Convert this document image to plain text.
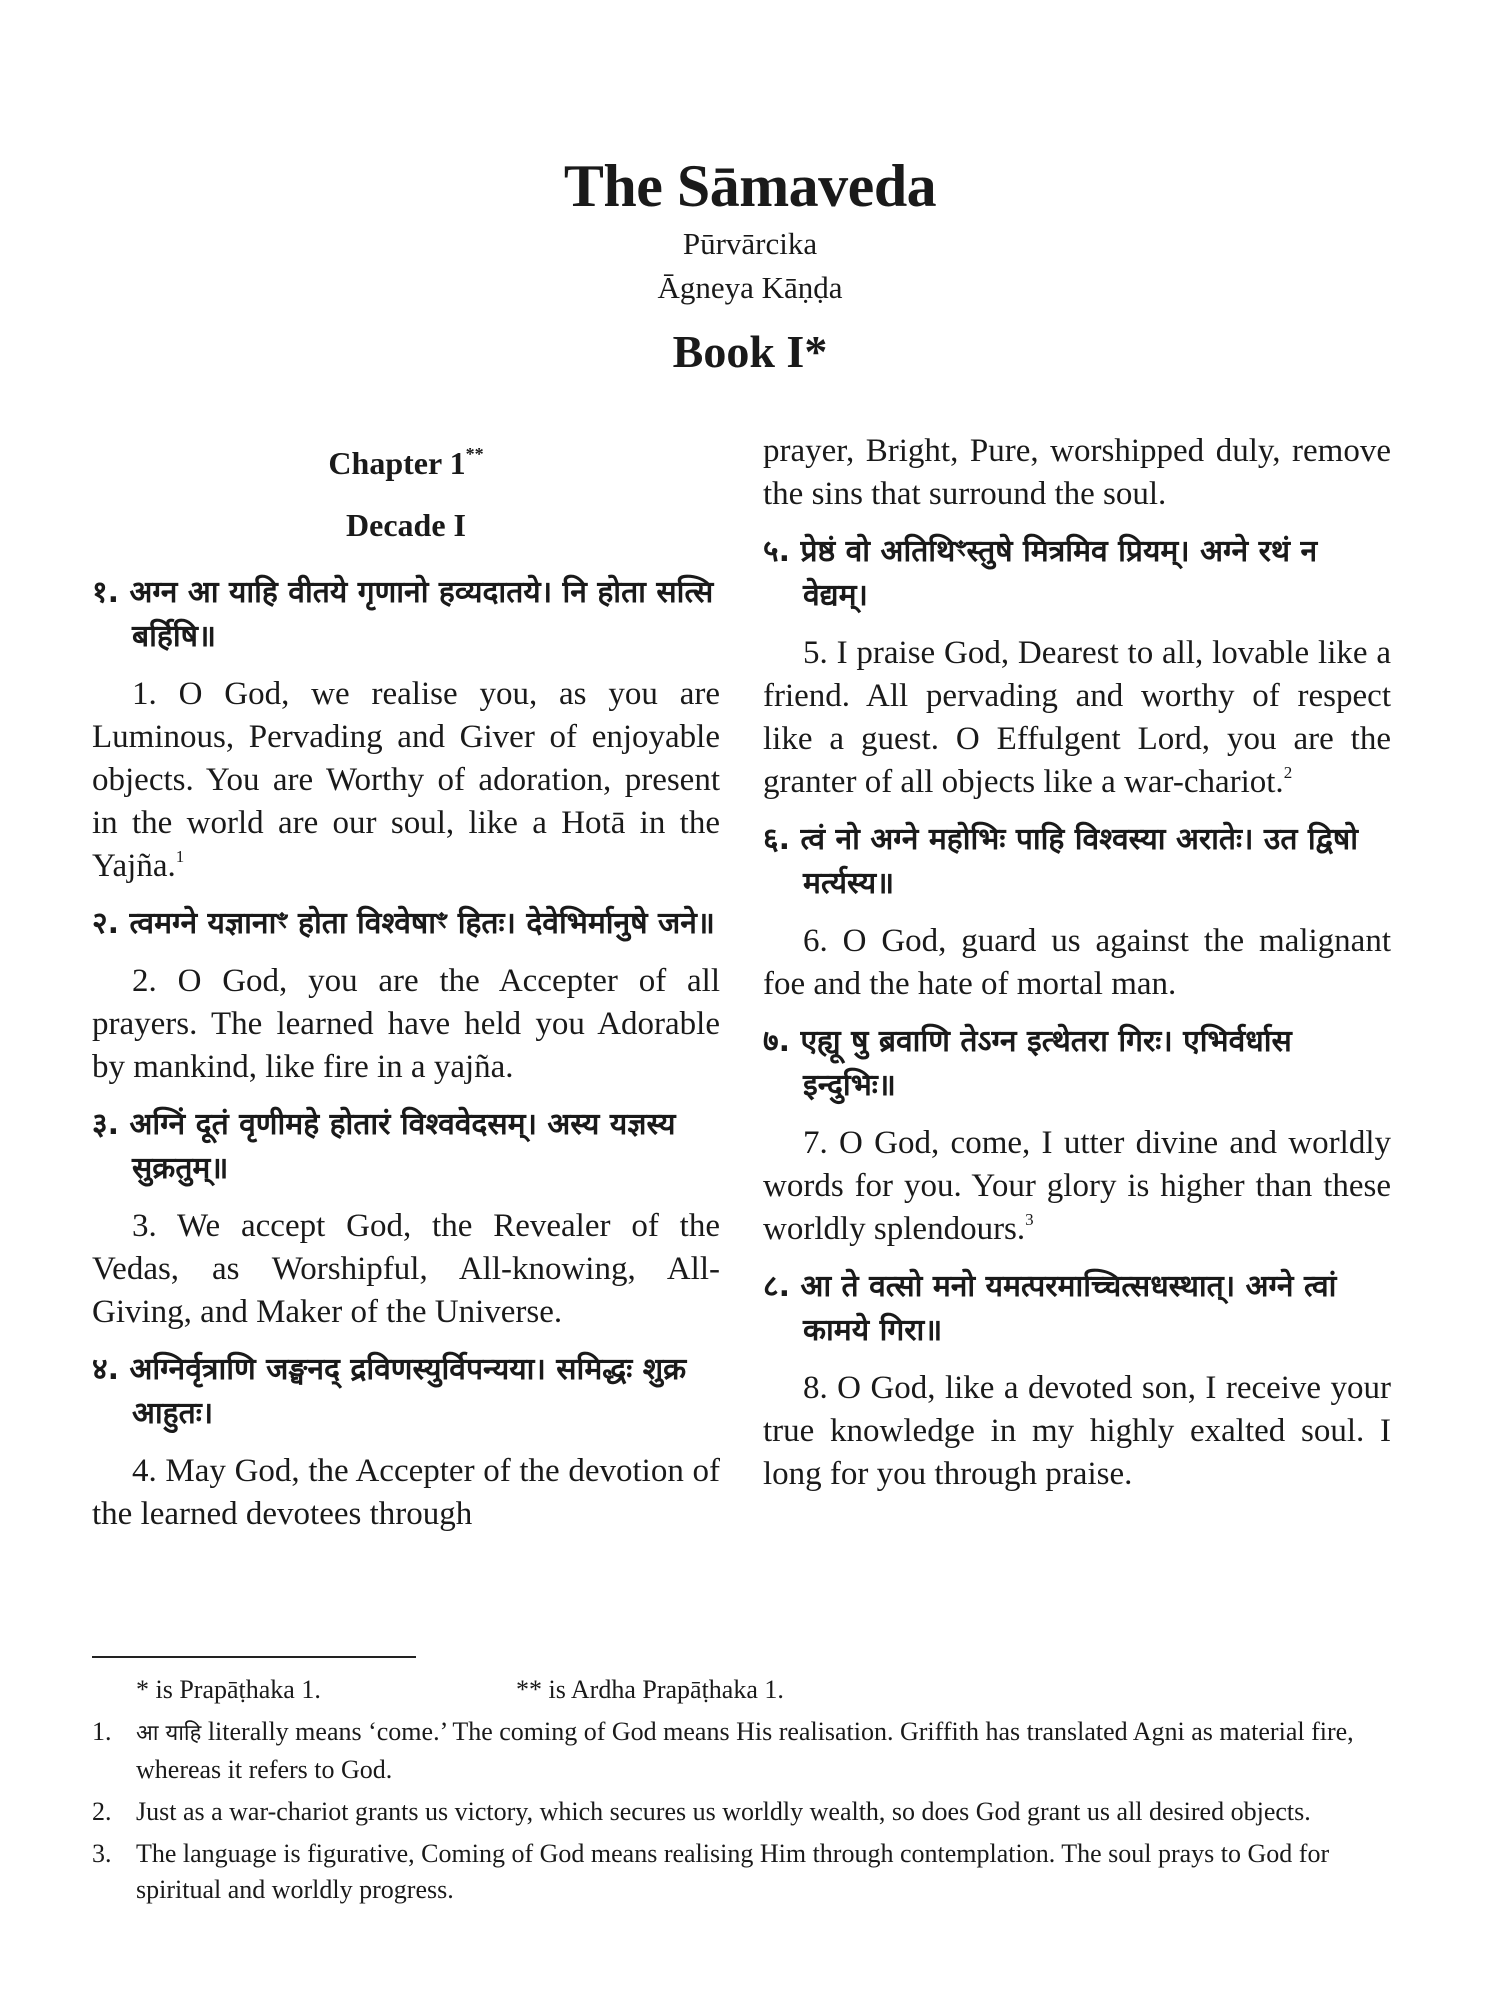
The Sāmaveda
Pūrvārcika
Āgneya Kāṇḍa
Book I*
Chapter 1**
Decade I

१. अग्न आ याहि वीतये गृणानो हव्यदातये। नि होता सत्सि बर्हिषि॥

1. O God, we realise you, as you are Luminous, Pervading and Giver of enjoyable objects. You are Worthy of adoration, present in the world are our soul, like a Hotā in the Yajña.$^1$

२. त्वमग्ने यज्ञानाꣳ होता विश्वेषाꣳ हितः। देवेभिर्मानुषे जने॥

2. O God, you are the Accepter of all prayers. The learned have held you Adorable by mankind, like fire in a yajña.

३. अग्निं दूतं वृणीमहे होतारं विश्ववेदसम्। अस्य यज्ञस्य सुक्रतुम्॥

3. We accept God, the Revealer of the Vedas, as Worshipful, All-knowing, All-Giving, and Maker of the Universe.

४. अग्निर्वृत्राणि जङ्घनद् द्रविणस्युर्विपन्यया। समिद्धः शुक्र आहुतः।

4. May God, the Accepter of the devotion of the learned devotees through

prayer, Bright, Pure, worshipped duly, remove the sins that surround the soul.

५. प्रेष्ठं वो अतिथिꣳस्तुषे मित्रमिव प्रियम्। अग्ने रथं न वेद्यम्।

5. I praise God, Dearest to all, lovable like a friend. All pervading and worthy of respect like a guest. O Effulgent Lord, you are the granter of all objects like a war-chariot.$^2$

६. त्वं नो अग्ने महोभिः पाहि विश्वस्या अरातेः। उत द्विषो मर्त्यस्य॥

6. O God, guard us against the malignant foe and the hate of mortal man.

७. एह्यू षु ब्रवाणि तेऽग्न इत्थेतरा गिरः। एभिर्वर्धास इन्दुभिः॥

7. O God, come, I utter divine and worldly words for you. Your glory is higher than these worldly splendours.$^3$

८. आ ते वत्सो मनो यमत्परमाच्चित्सधस्थात्। अग्ने त्वां कामये गिरा॥

8. O God, like a devoted son, I receive your true knowledge in my highly exalted soul. I long for you through praise.

* is Prapāṭhaka 1.	** is Ardha Prapāṭhaka 1.
1.	आ याहि literally means ‘come.’ The coming of God means His realisation. Griffith has translated Agni as material fire, whereas it refers to God.
2. Just as a war-chariot grants us victory, which secures us worldly wealth, so does God grant us all desired objects.
3. The language is figurative, Coming of God means realising Him through contemplation. The soul prays to God for spiritual and worldly progress.
